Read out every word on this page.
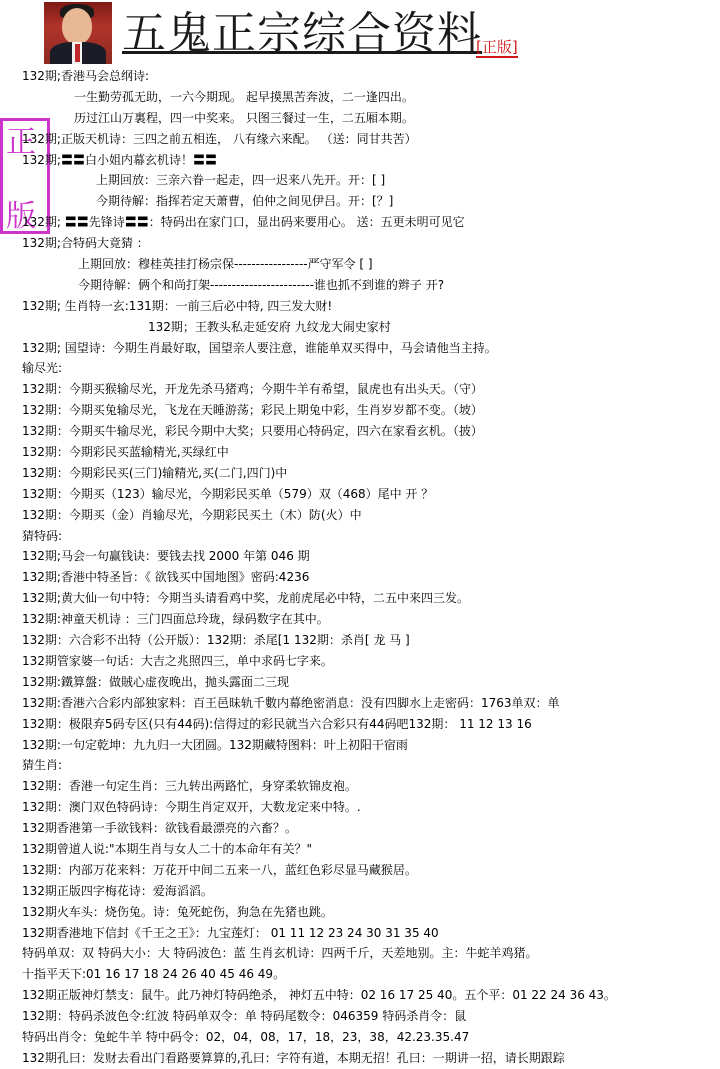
五鬼正宗综合资料
[正版]
正
版
132期;香港马会总纲诗:
一生勤劳孤无助，一六今期现。 起早摸黑苦奔波，二一逢四出。
历过江山万裏程，四一中奖来。 只图三餐过一生，二五厢本期。
132期;正版天机诗：三四之前五相连， 八有缘六来配。 （送：同甘共苦）
132期;〓〓白小姐内幕玄机诗！〓〓
上期回放：三亲六眷一起走，四一迟来八先开。开：[ ]
今期待解：指挥若定天萧曹，伯仲之间见伊吕。开：[？]
132期; 〓〓先锋诗〓〓：特码出在家门口，显出码来要用心。 送：五更未明可见它
132期;合特码大竟猜 ：
上期回放：穆桂英挂打杨宗保-----------------严守军令 [ ]
今期待解：俩个和尚打架------------------------谁也抓不到谁的辫子 开?
132期; 生肖特一玄:131期：一前三后必中特, 四三发大财!
132期；王教头私走延安府 九纹龙大闹史家村
132期; 国望诗：今期生肖最好取，国望亲人要注意，谁能单双买得中，马会请他当主持。
输尽光:
132期：今期买猴输尽光，开龙先杀马猪鸡；今期牛羊有希望，鼠虎也有出头天。（守）
132期：今期买兔输尽光，飞龙在天睡游荡；彩民上期兔中彩，生肖岁岁都不变。（坡）
132期：今期买牛输尽光，彩民今期中大奖；只要用心特码定，四六在家看玄机。（披）
132期：今期彩民买蓝输精光,买绿红中
132期：今期彩民买(三门)输精光,买(二门,四门)中
132期：今期买（123）输尽光，今期彩民买单（579）双（468）尾中 开 ？
132期：今期买（金）肖输尽光，今期彩民买土（木）防(火）中
猜特码:
132期;马会一句赢钱诀：要钱去找 2000 年第 046 期
132期;香港中特圣旨：《 欲钱买中国地图》密码:4236
132期;黄大仙一句中特：今期当头请看鸡中奖，龙前虎尾必中特，二五中来四三发。
132期:神童天机诗 ：三门四面总玲珑，绿码数字在其中。
132期：六合彩不出特（公开版）：132期：杀尾[1 132期：杀肖[ 龙 马 ]
132期管家婆一句话：大吉之兆照四三，单中求码七字来。
132期:鐵算盤：做賊心虚夜晚出，抛头露面二三现
132期:香港六合彩内部独家料：百王邑昧轨千數内幕绝密消息：没有四脚水上走密码：1763单双：单
132期：极限弃5码专区(只有44码):信得过的彩民就当六合彩只有44码吧132期： 11 12 13 16
132期:一句定乾坤：九九归一大团圆。132期藏特图料：叶上初阳干宿雨
猜生肖:
132期：香港一句定生肖：三九转出两路忙，身穿柔软锦皮袍。
132期：澳门双色特码诗：今期生肖定双开，大数龙定来中特。.
132期香港第一手欲钱料：欲钱看最漂亮的六畜？。
132期曾道人说:"本期生肖与女人二十的本命年有关？"
132期：内部万花来料：万花开中间二五来一八，蓝红色彩尽显马藏猴居。
132期正版四字梅花诗：爱海滔滔。
132期火车头：烧伤兔。诗：兔死蛇伤，狗急在先猪也跳。
132期香港地下信封《千王之王》：九宝莲灯： 01 11 12 23 24 30 31 35 40
特码单双：双 特码大小：大 特码波色：蓝 生肖玄机诗：四两千斤，天差地别。主：牛蛇羊鸡猪。
十指平天下:01 16 17 18 24 26 40 45 46 49。
132期正版神灯禁支：鼠牛。此乃神灯特码绝杀， 神灯五中特：02 16 17 25 40。五个平：01 22 24 36 43。
132期：特码杀波色令:红波 特码单双令：单 特码尾数令：046359 特码杀肖令：鼠
特码出肖令：兔蛇牛羊 特中码令：02，04，08，17，18，23，38，42.23.35.47
132期孔曰：发财去看出门看路要算算的,孔曰：字符有道，本期无招！孔曰：一期讲一招，请长期跟踪
